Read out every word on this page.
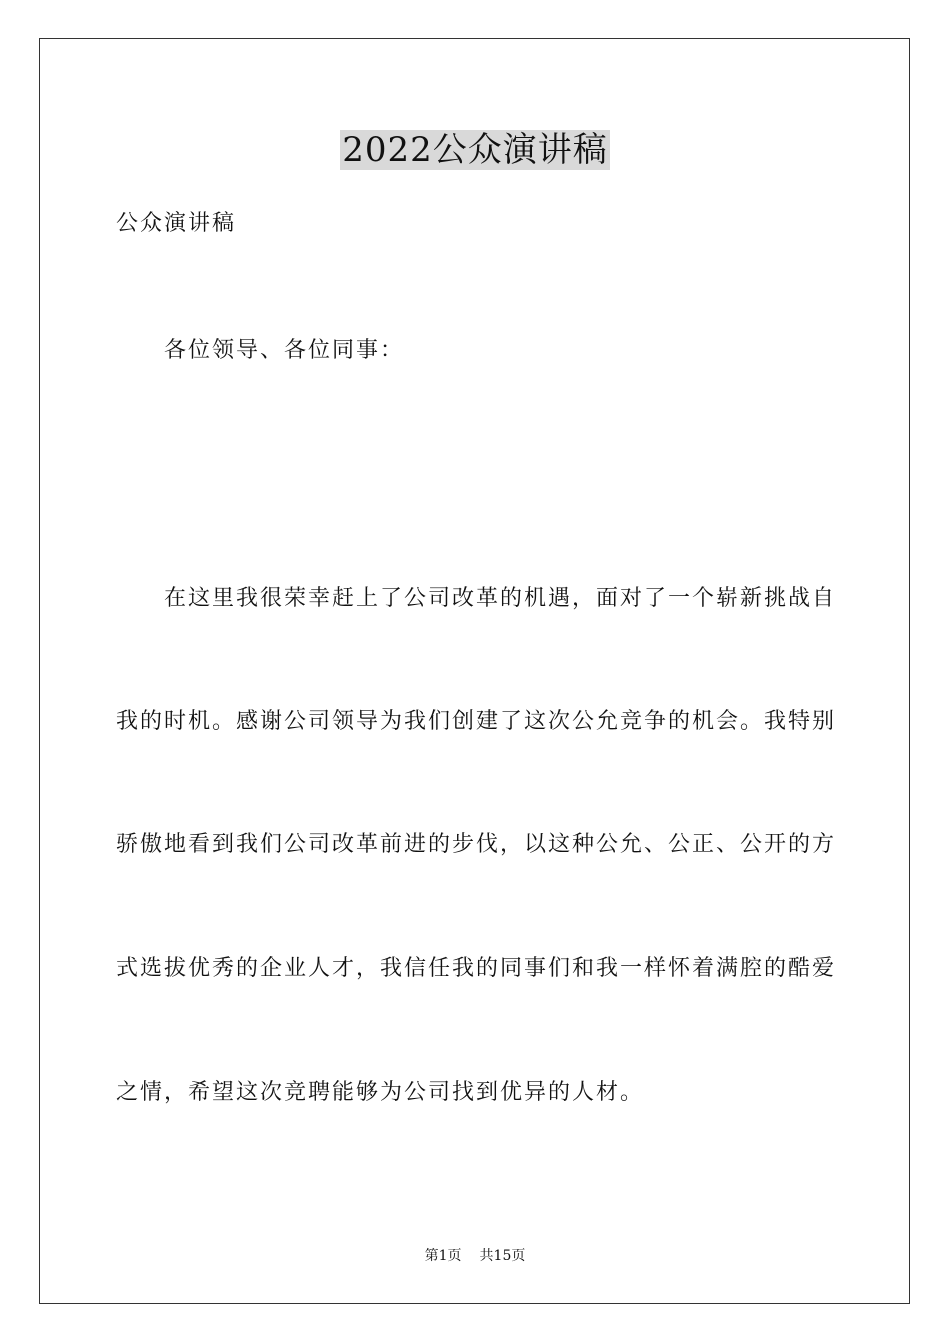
2022公众演讲稿
公众演讲稿
各位领导、各位同事：
在这里我很荣幸赶上了公司改革的机遇，面对了一个崭新挑战自
我的时机。感谢公司领导为我们创建了这次公允竞争的机会。我特别
骄傲地看到我们公司改革前进的步伐，以这种公允、公正、公开的方
式选拔优秀的企业人才，我信任我的同事们和我一样怀着满腔的酷爱
之情，希望这次竞聘能够为公司找到优异的人材。
第1页 共15页
